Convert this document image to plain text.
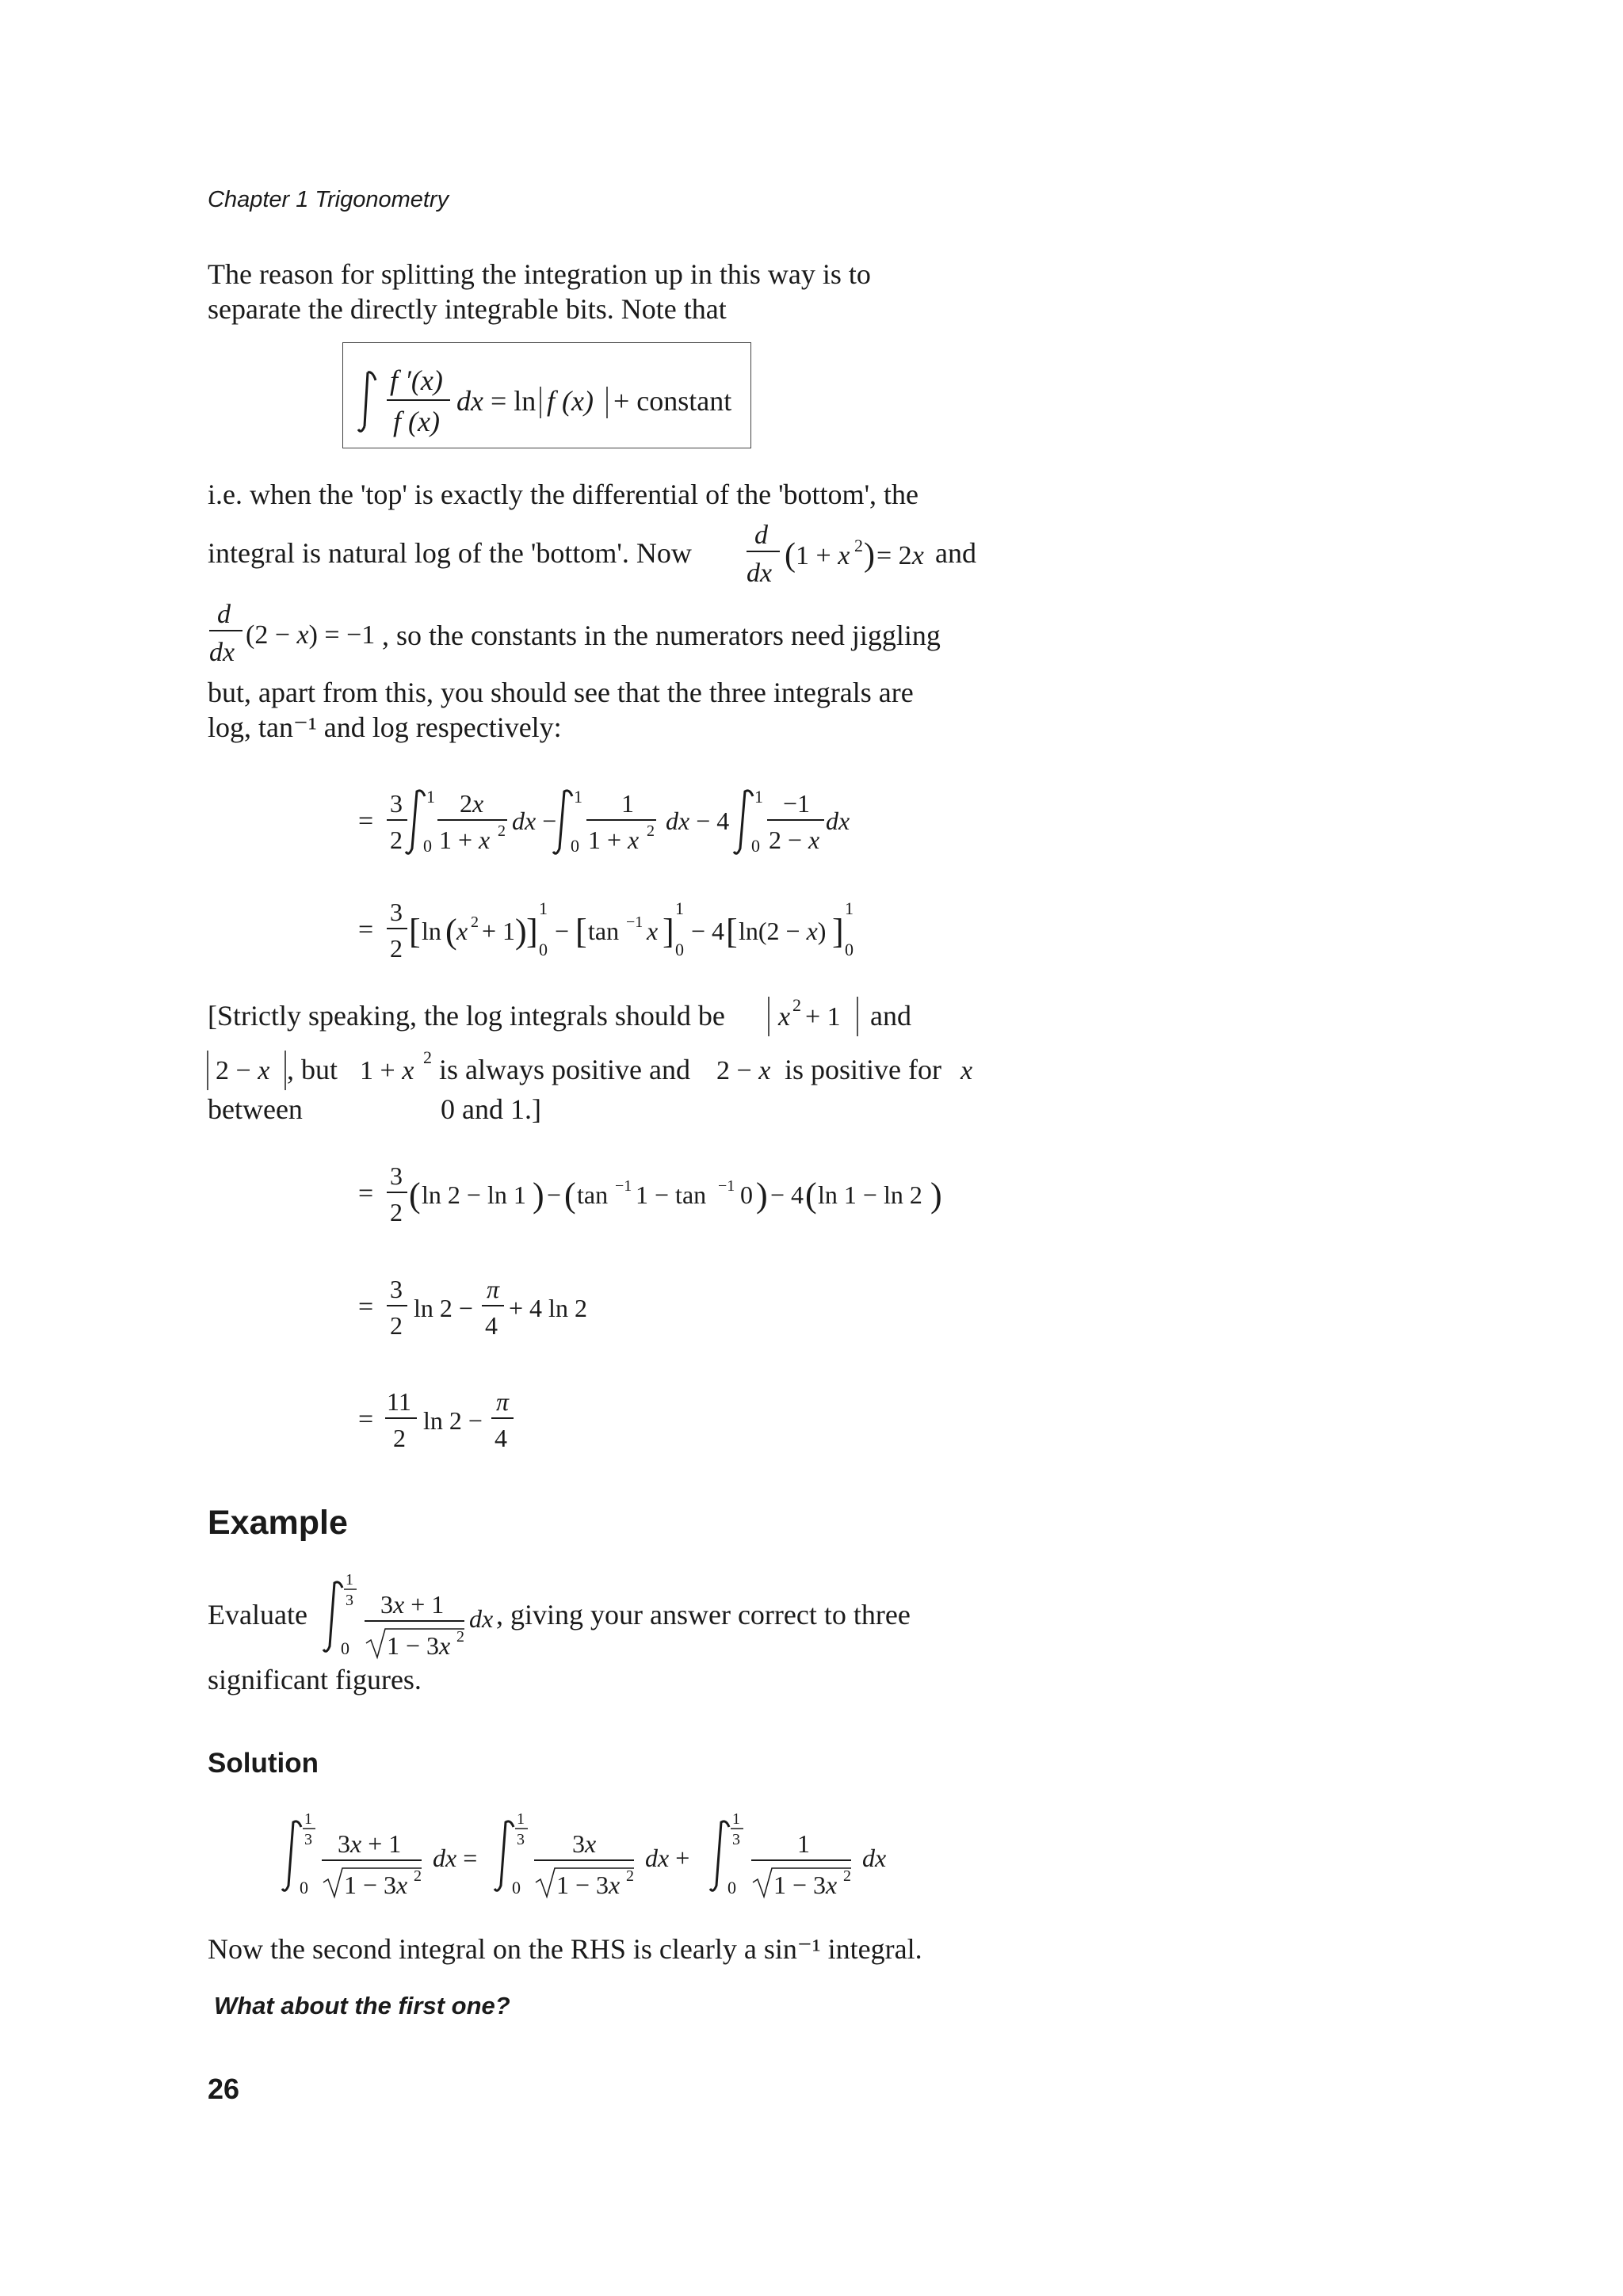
Chapter 1 Trigonometry
The reason for splitting the integration up in this way is to
separate the directly integrable bits. Note that
f ′(x)
f (x)
dx = ln f (x) + constant
i.e. when the 'top' is exactly the differential of the 'bottom', the
integral is natural log of the 'bottom'. Now
d
dx ( 1 + x 2 ) = 2x and
d
dx
(2 − x) = −1 , so the constants in the numerators need jiggling
but, apart from this, you should see that the three integrals are
log, tan⁻¹ and log respectively:
=
3
2
1
0
2x
1 + x 2 dx −
1
0
1
1 + x 2 dx − 4
1
0
−1
2 − x
dx
=
3
2 [ ln ( x 2 + 1 ) ]
1
0
− [ tan −1 x ]
1
0
− 4 [ ln(2 − x) ]
1
0
[Strictly speaking, the log integrals should be x 2 + 1 and
2 − x , but 1 + x 2 is always positive and 2 − x is positive for x
between	0 and 1.]
=
3
2 ( ln 2 − ln 1 ) − ( tan −1 1 − tan −1 0 ) − 4 ( ln 1 − ln 2 )
=
3
2
ln 2 −
π
4
+ 4 ln 2
=
11
2
ln 2 −
π
4
Example
Evaluate
1
3
0
3x + 1
1 − 3x 2
dx , giving your answer correct to three
significant figures.
Solution
1
3
0
3x + 1
1 − 3x 2
dx =
1
3
0
3x
1 − 3x 2
dx +
1
3
0
1
1 − 3x 2
dx
Now the second integral on the RHS is clearly a sin⁻¹ integral.
What about the first one?
26
